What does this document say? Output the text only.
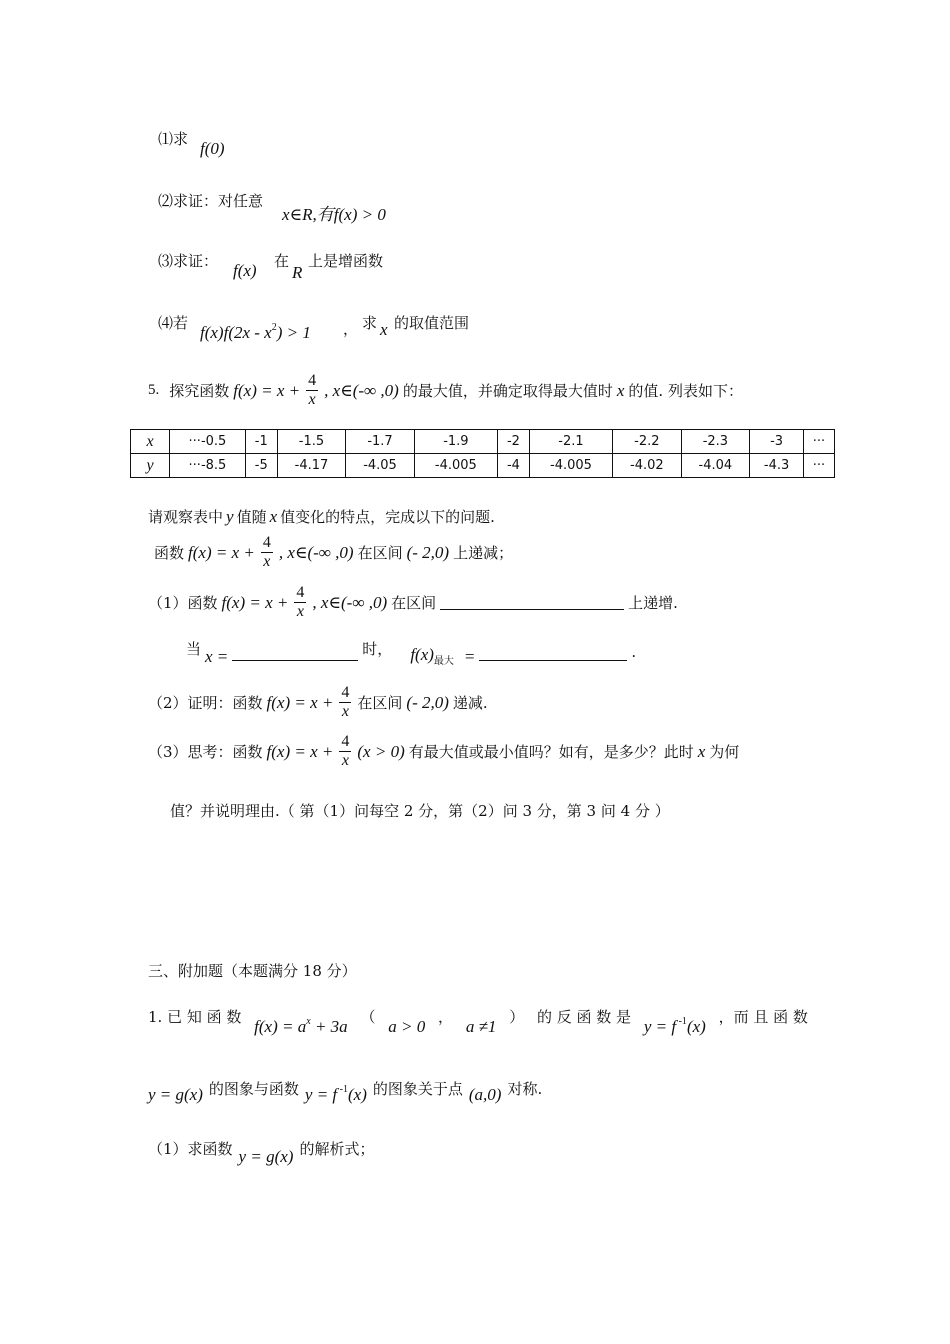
⑴求 f(0)
⑵求证：对任意
x∈R,有f(x) > 0
⑶求证： f(x) 在
R
上是增函数
⑷若 $f(x)f(2x - x^2) > 1$ ， 求 x 的取值范围
5. 探究函数 $f(x) = x + \frac{4}{x}$ , x∈(-∞ ,0) 的最大值，并确定取得最大值时 x 的值. 列表如下：
x	···-0.5	-1	-1.5	-1.7	-1.9	-2	-2.1	-2.2	-2.3	-3	···
y	···-8.5	-5	-4.17	-4.05	-4.005	-4	-4.005	-4.02	-4.04	-4.3	···
请观察表中 y 值随 x 值变化的特点，完成以下的问题.
函数 $f(x) = x + \frac{4}{x}$ , x∈(-∞ ,0) 在区间 (- 2,0) 上递减；
（1）函数 $f(x) = x + \frac{4}{x}$ , x∈(-∞ ,0) 在区间	上递增.
当 x =	时， $f(x)_{最大}$ =	.
（2）证明：函数 $f(x) = x + \frac{4}{x}$ 在区间 (- 2,0) 递减.
（3）思考：函数 $f(x) = x + \frac{4}{x} (x > 0)$ 有最大值或最小值吗？如有，是多少？此时 x 为何
值？并说明理由.（ 第（1）问每空 2 分，第（2）问 3 分，第 3 问 4 分 ）
三、附加题（本题满分 18 分）
1. 已 知 函 数 $f(x) = a^x + 3a$ （ a > 0 ， a ≠1 ） 的 反 函 数 是 y = f $^{-1}$(x) ，而 且 函 数
y = g(x) 的图象与函数 y = f $^{-1}$(x) 的图象关于点 (a,0) 对称.
（1）求函数 y = g(x) 的解析式；
